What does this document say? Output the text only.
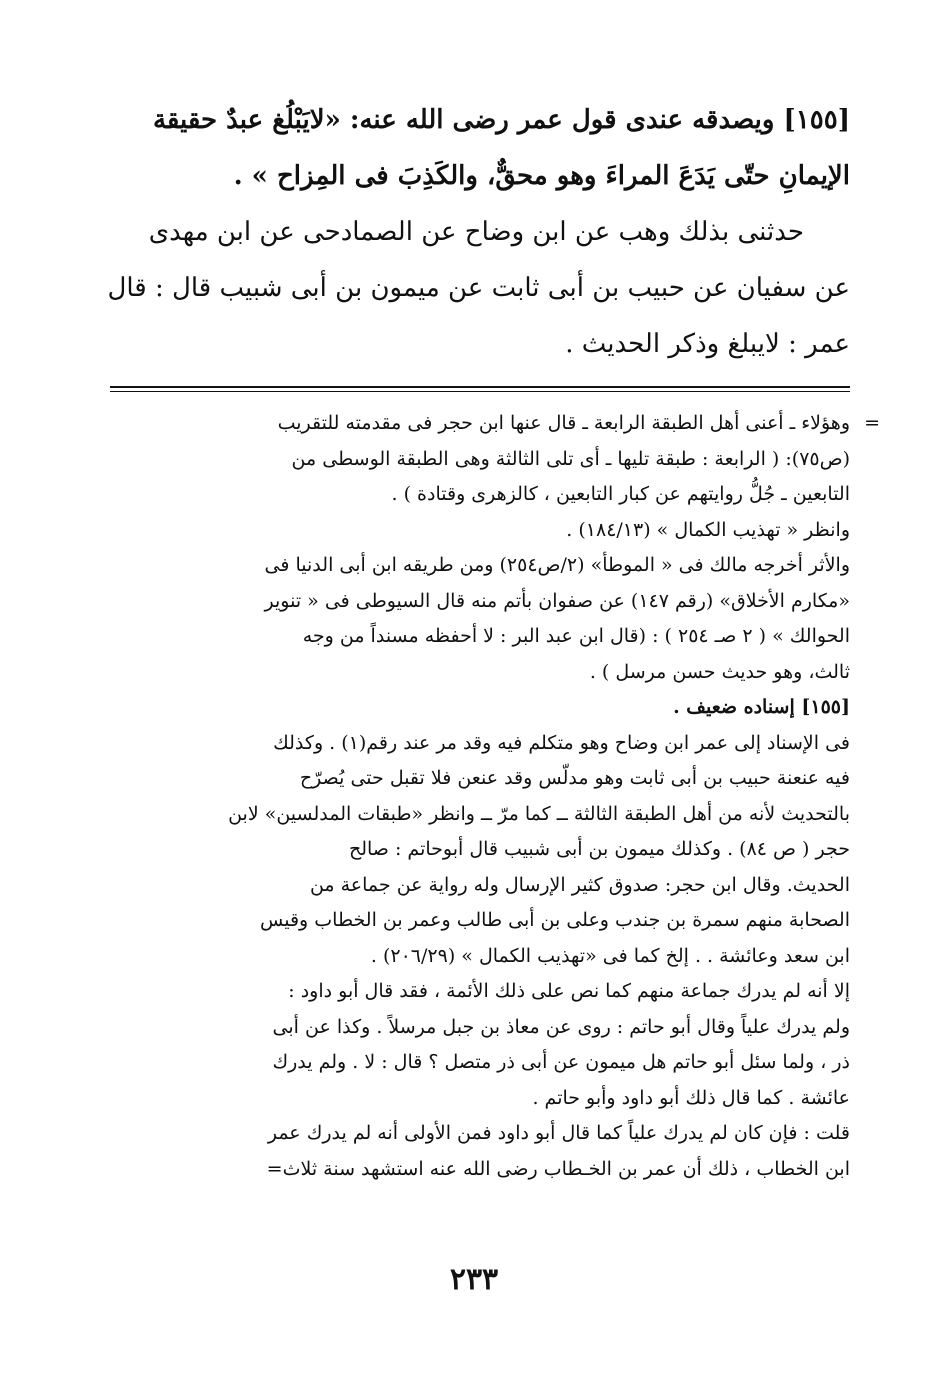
[١٥٥] ويصدقه عندى قول عمر رضى الله عنه: «لايَبْلُغ عبدٌ حقيقة
الإيمانِ حتّى يَدَعَ المراءَ وهو محقٌّ، والكَذِبَ فى المِزاح » .
حدثنى بذلك وهب عن ابن وضاح عن الصمادحى عن ابن مهدى
عن سفيان عن حبيب بن أبى ثابت عن ميمون بن أبى شبيب قال : قال
عمر : لايبلغ وذكر الحديث .
=
وهؤلاء ـ أعنى أهل الطبقة الرابعة ـ قال عنها ابن حجر فى مقدمته للتقريب
(ص٧٥): ( الرابعة : طبقة تليها ـ أى تلى الثالثة وهى الطبقة الوسطى من
التابعين ـ جُلُّ روايتهم عن كبار التابعين ، كالزهرى وقتادة ) .
وانظر « تهذيب الكمال » (١٨٤/١٣) .
والأثر أخرجه مالك فى « الموطأ» (٢/ص٢٥٤) ومن طريقه ابن أبى الدنيا فى
«مكارم الأخلاق» (رقم ١٤٧) عن صفوان بأتم منه قال السيوطى فى « تنوير
الحوالك » ( ٢ صـ ٢٥٤ ) : (قال ابن عبد البر : لا أحفظه مسنداً من وجه
ثالث، وهو حديث حسن مرسل ) .
[١٥٥] إسناده ضعيف .
فى الإسناد إلى عمر ابن وضاح وهو متكلم فيه وقد مر عند رقم(١) . وكذلك
فيه عنعنة حبيب بن أبى ثابت وهو مدلّس وقد عنعن فلا تقبل حتى يُصرّح
بالتحديث لأنه من أهل الطبقة الثالثة ــ كما مرّ ــ وانظر «طبقات المدلسين» لابن
حجر ( ص ٨٤) . وكذلك ميمون بن أبى شبيب قال أبوحاتم : صالح
الحديث. وقال ابن حجر: صدوق كثير الإرسال وله رواية عن جماعة من
الصحابة منهم سمرة بن جندب وعلى بن أبى طالب وعمر بن الخطاب وقيس
ابن سعد وعائشة . . إلخ كما فى «تهذيب الكمال » (٢٠٦/٢٩) .
إلا أنه لم يدرك جماعة منهم كما نص على ذلك الأئمة ، فقد قال أبو داود :
ولم يدرك علياً وقال أبو حاتم : روى عن معاذ بن جبل مرسلاً . وكذا عن أبى
ذر ، ولما سئل أبو حاتم هل ميمون عن أبى ذر متصل ؟ قال : لا . ولم يدرك
عائشة . كما قال ذلك أبو داود وأبو حاتم .
قلت : فإن كان لم يدرك علياً كما قال أبو داود فمن الأولى أنه لم يدرك عمر
ابن الخطاب ، ذلك أن عمر بن الخـطاب رضى الله عنه استشهد سنة ثلاث=
٢٣٣
